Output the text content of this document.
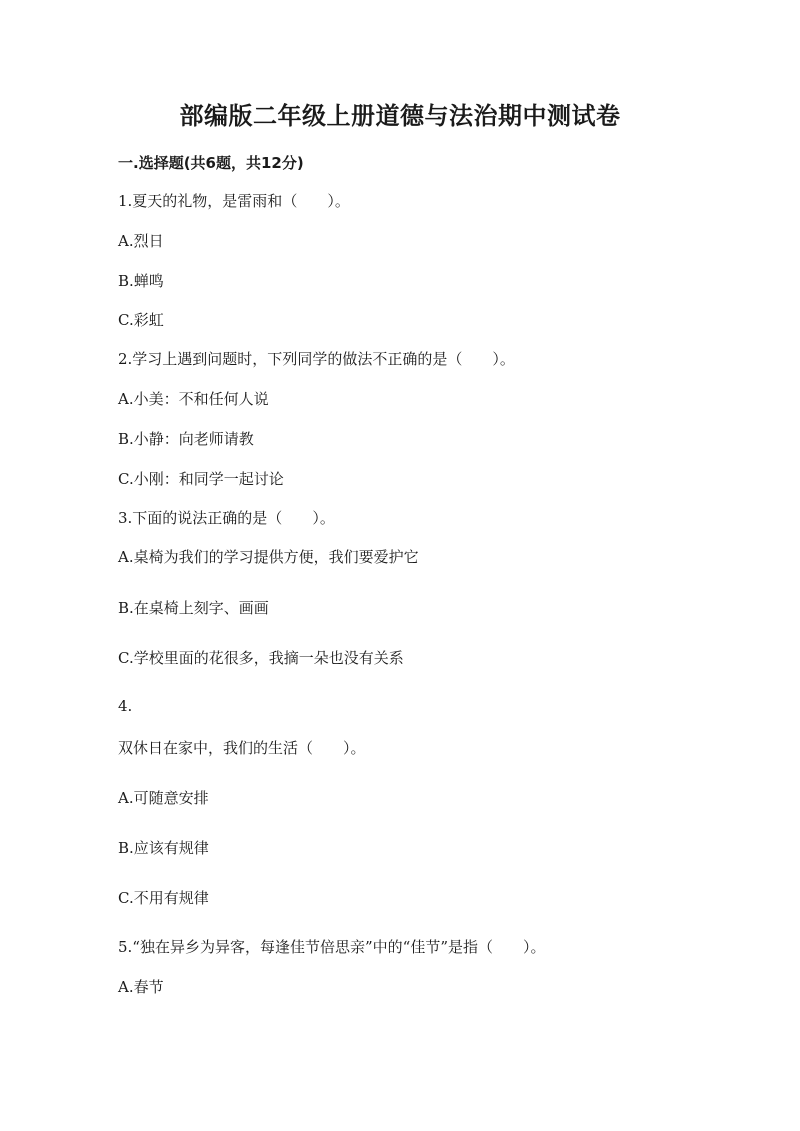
部编版二年级上册道德与法治期中测试卷
一.选择题(共6题，共12分)
1.夏天的礼物，是雷雨和（　　）。
A.烈日
B.蝉鸣
C.彩虹
2.学习上遇到问题时，下列同学的做法不正确的是（　　）。
A.小美：不和任何人说
B.小静：向老师请教
C.小刚：和同学一起讨论
3.下面的说法正确的是（　　）。
A.桌椅为我们的学习提供方便，我们要爱护它
B.在桌椅上刻字、画画
C.学校里面的花很多，我摘一朵也没有关系
4.
双休日在家中，我们的生活（　　）。
A.可随意安排
B.应该有规律
C.不用有规律
5.“独在异乡为异客，每逢佳节倍思亲”中的“佳节”是指（　　）。
A.春节
